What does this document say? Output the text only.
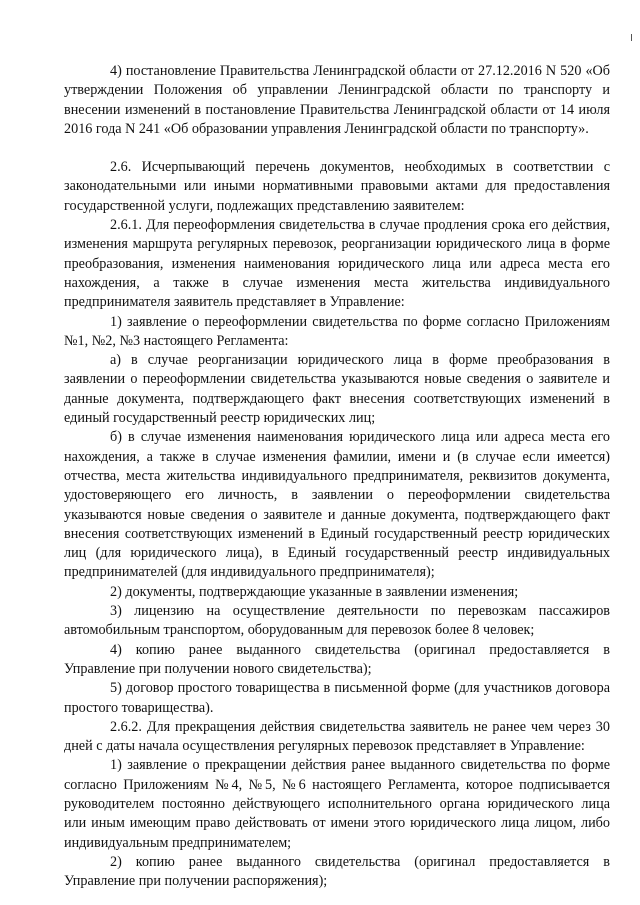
4) постановление Правительства Ленинградской области от 27.12.2016 N 520 «Об утверждении Положения об управлении Ленинградской области по транспорту и внесении изменений в постановление Правительства Ленинградской области от 14 июля 2016 года N 241 «Об образовании управления Ленинградской области по транспорту».

2.6. Исчерпывающий перечень документов, необходимых в соответствии с законодательными или иными нормативными правовыми актами для предоставления государственной услуги, подлежащих представлению заявителем:

2.6.1. Для переоформления свидетельства в случае продления срока его действия, изменения маршрута регулярных перевозок, реорганизации юридического лица в форме преобразования, изменения наименования юридического лица или адреса места его нахождения, а также в случае изменения места жительства индивидуального предпринимателя заявитель представляет в Управление:

1) заявление о переоформлении свидетельства по форме согласно Приложениям №1, №2, №3 настоящего Регламента:

а) в случае реорганизации юридического лица в форме преобразования в заявлении о переоформлении свидетельства указываются новые сведения о заявителе и данные документа, подтверждающего факт внесения соответствующих изменений в единый государственный реестр юридических лиц;

б) в случае изменения наименования юридического лица или адреса места его нахождения, а также в случае изменения фамилии, имени и (в случае если имеется) отчества, места жительства индивидуального предпринимателя, реквизитов документа, удостоверяющего его личность, в заявлении о переоформлении свидетельства указываются новые сведения о заявителе и данные документа, подтверждающего факт внесения соответствующих изменений в Единый государственный реестр юридических лиц (для юридического лица), в Единый государственный реестр индивидуальных предпринимателей (для индивидуального предпринимателя);

2) документы, подтверждающие указанные в заявлении изменения;

3) лицензию на осуществление деятельности по перевозкам пассажиров автомобильным транспортом, оборудованным для перевозок более 8 человек;

4) копию ранее выданного свидетельства (оригинал предоставляется в Управление при получении нового свидетельства);

5) договор простого товарищества в письменной форме (для участников договора простого товарищества).

2.6.2. Для прекращения действия свидетельства заявитель не ранее чем через 30 дней с даты начала осуществления регулярных перевозок представляет в Управление:

1) заявление о прекращении действия ранее выданного свидетельства по форме согласно Приложениям №4, №5, №6 настоящего Регламента, которое подписывается руководителем постоянно действующего исполнительного органа юридического лица или иным имеющим право действовать от имени этого юридического лица лицом, либо индивидуальным предпринимателем;

2) копию ранее выданного свидетельства (оригинал предоставляется в Управление при получении распоряжения);
